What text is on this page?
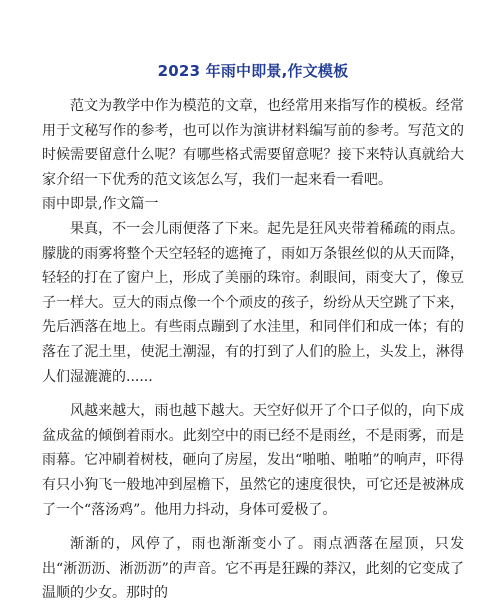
2023 年雨中即景,作文模板

范文为教学中作为模范的文章，也经常用来指写作的模板。经常用于文秘写作的参考，也可以作为演讲材料编写前的参考。写范文的时候需要留意什么呢？有哪些格式需要留意呢？接下来特认真就给大家介绍一下优秀的范文该怎么写，我们一起来看一看吧。

雨中即景,作文篇一

果真，不一会儿雨便落了下来。起先是狂风夹带着稀疏的雨点。朦胧的雨雾将整个天空轻轻的遮掩了，雨如万条银丝似的从天而降，轻轻的打在了窗户上，形成了美丽的珠帘。刹眼间，雨变大了，像豆子一样大。豆大的雨点像一个个顽皮的孩子，纷纷从天空跳了下来，先后洒落在地上。有些雨点蹦到了水洼里，和同伴们和成一体；有的落在了泥土里，使泥土潮湿，有的打到了人们的脸上，头发上，淋得人们湿漉漉的......

风越来越大，雨也越下越大。天空好似开了个口子似的，向下成盆成盆的倾倒着雨水。此刻空中的雨已经不是雨丝，不是雨雾，而是雨幕。它冲刷着树枝，砸向了房屋，发出“啪啪、啪啪”的响声，吓得有只小狗飞一般地冲到屋檐下，虽然它的速度很快，可它还是被淋成了一个“落汤鸡”。他用力抖动，身体可爱极了。

渐渐的，风停了，雨也渐渐变小了。雨点洒落在屋顶，只发出“淅沥沥、淅沥沥”的声音。它不再是狂躁的莽汉，此刻的它变成了温顺的少女。那时的
